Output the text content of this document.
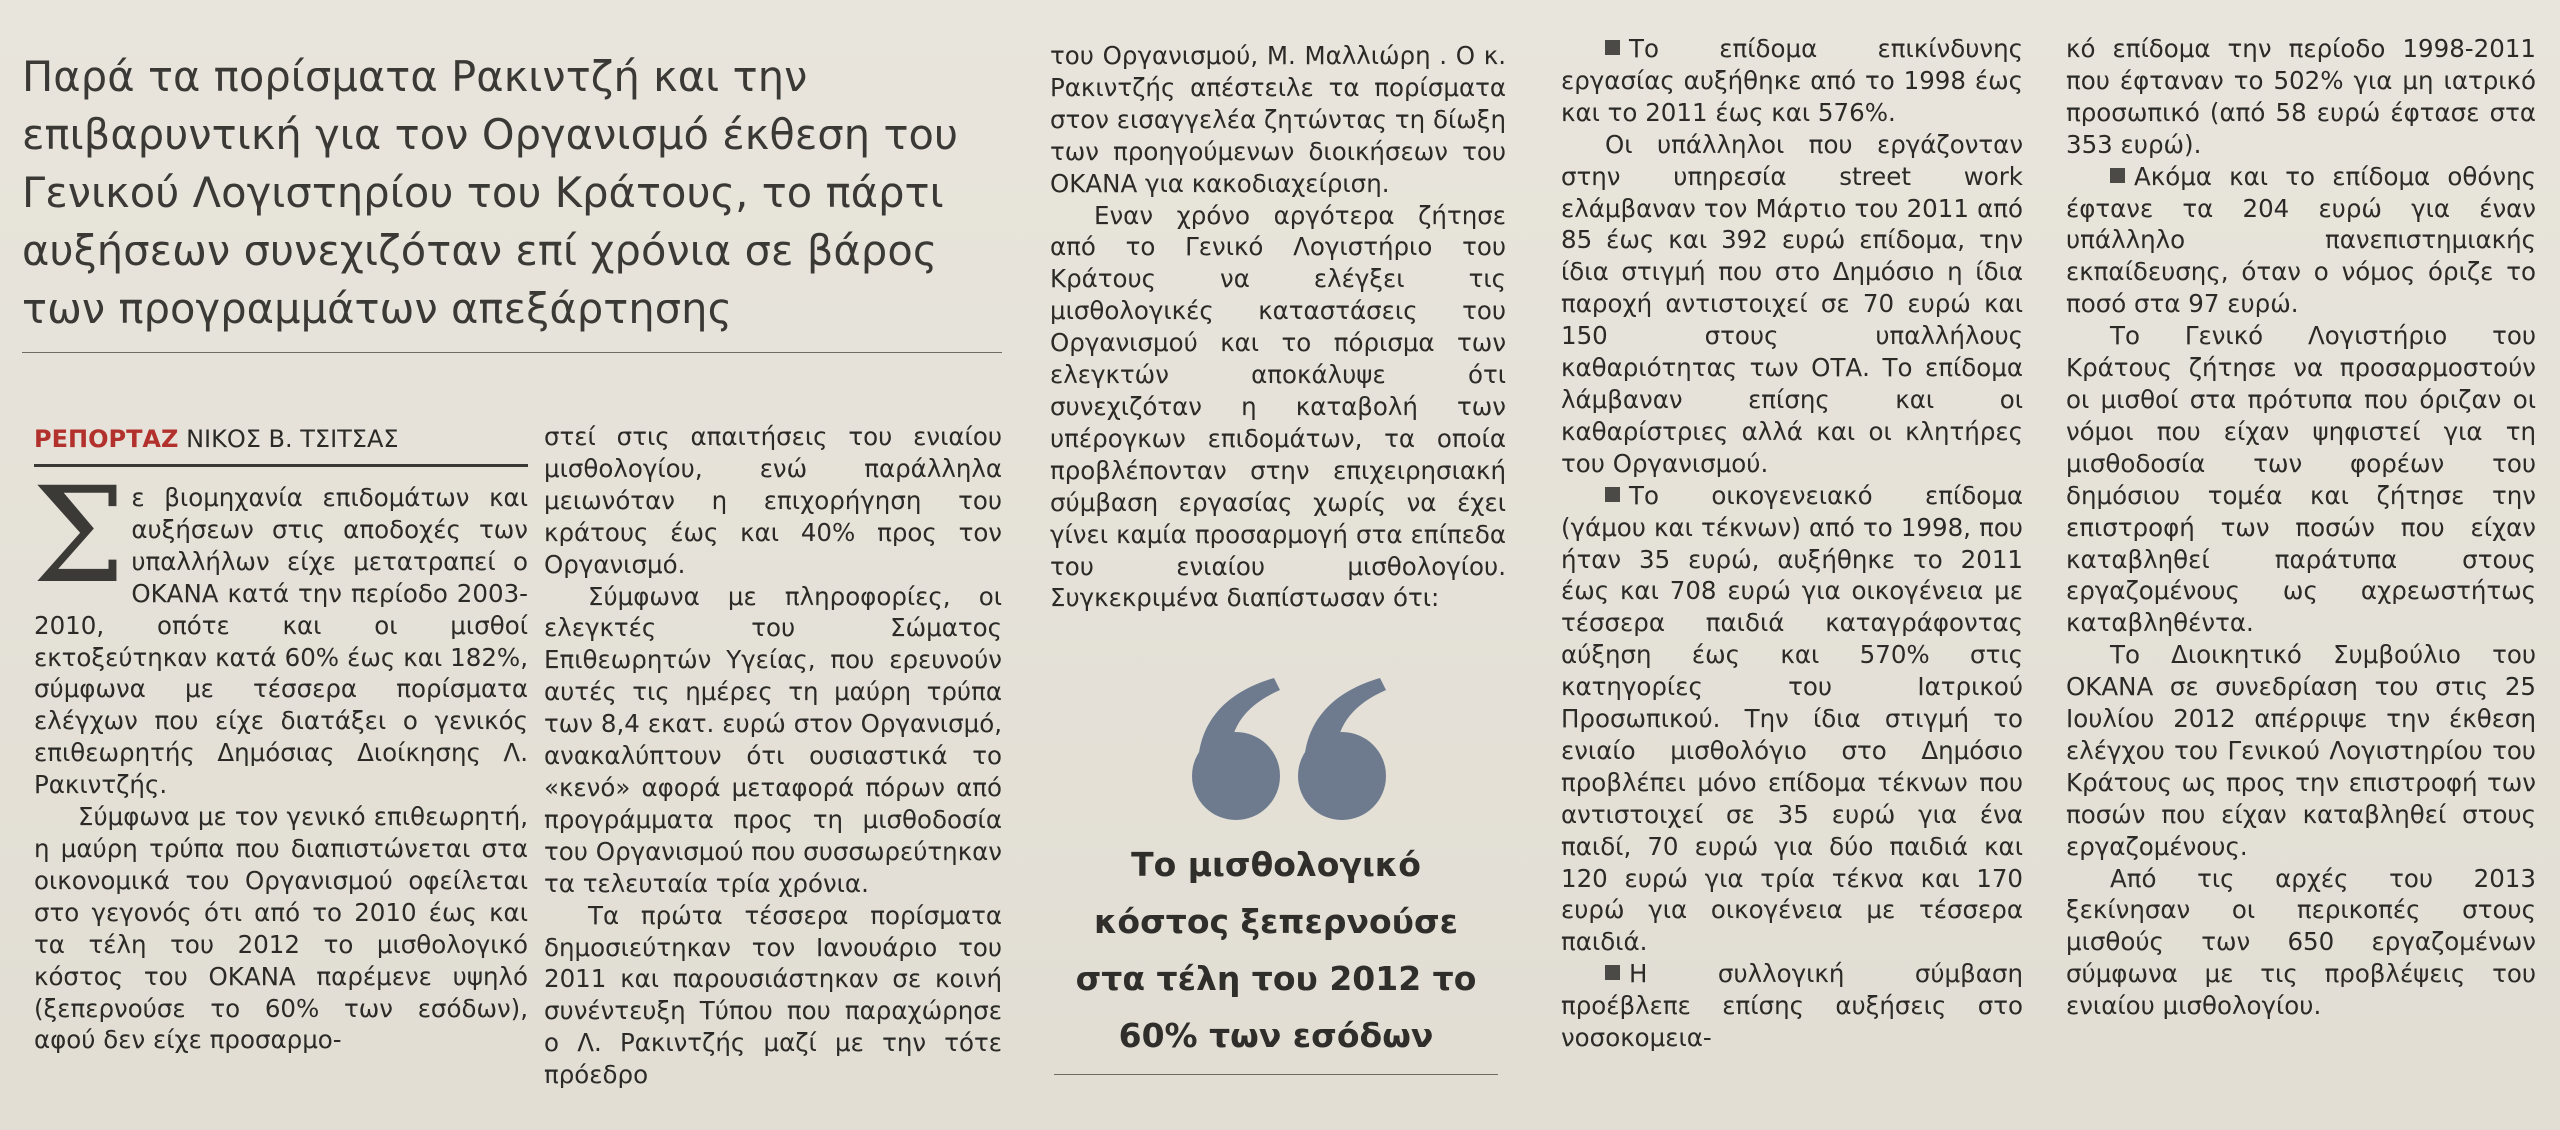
Παρά τα πορίσματα Ρακιντζή και την επιβαρυντική για τον Οργανισμό έκθεση του Γενικού Λογιστηρίου του Κράτους, το πάρτι αυξήσεων συνεχιζόταν επί χρόνια σε βάρος των προγραμμάτων απεξάρτησης
ΡΕΠΟΡΤΑΖ ΝΙΚΟΣ Β. ΤΣΙΤΣΑΣ
Σ ε βιομηχανία επιδομάτων και αυξήσεων στις αποδοχές των υπαλλήλων είχε μετατραπεί ο ΟΚΑΝΑ κατά την περίοδο 2003-2010, οπότε και οι μισθοί εκτοξεύτηκαν κατά 60% έως και 182%, σύμφωνα με τέσσερα πορίσματα ελέγχων που είχε διατάξει ο γενικός επιθεωρητής Δημόσιας Διοίκησης Λ. Ρακιντζής.

Σύμφωνα με τον γενικό επιθεωρητή, η μαύρη τρύπα που διαπιστώνεται στα οικονομικά του Οργανισμού οφείλεται στο γεγονός ότι από το 2010 έως και τα τέλη του 2012 το μισθολογικό κόστος του ΟΚΑΝΑ παρέμενε υψηλό (ξεπερνούσε το 60% των εσόδων), αφού δεν είχε προσαρμο-

στεί στις απαιτήσεις του ενιαίου μισθολογίου, ενώ παράλληλα μειωνόταν η επιχορήγηση του κράτους έως και 40% προς τον Οργανισμό.

Σύμφωνα με πληροφορίες, οι ελεγκτές του Σώματος Επιθεωρητών Υγείας, που ερευνούν αυτές τις ημέρες τη μαύρη τρύπα των 8,4 εκατ. ευρώ στον Οργανισμό, ανακαλύπτουν ότι ουσιαστικά το «κενό» αφορά μεταφορά πόρων από προγράμματα προς τη μισθοδοσία του Οργανισμού που συσσωρεύτηκαν τα τελευταία τρία χρόνια.

Τα πρώτα τέσσερα πορίσματα δημοσιεύτηκαν τον Ιανουάριο του 2011 και παρουσιάστηκαν σε κοινή συνέντευξη Τύπου που παραχώρησε ο Λ. Ρακιντζής μαζί με την τότε πρόεδρο

του Οργανισμού, Μ. Μαλλιώρη . Ο κ. Ρακιντζής απέστειλε τα πορίσματα στον εισαγγελέα ζητώντας τη δίωξη των προηγούμενων διοικήσεων του ΟΚΑΝΑ για κακοδιαχείριση.

Εναν χρόνο αργότερα ζήτησε από το Γενικό Λογιστήριο του Κράτους να ελέγξει τις μισθολογικές καταστάσεις του Οργανισμού και το πόρισμα των ελεγκτών αποκάλυψε ότι συνεχιζόταν η καταβολή των υπέρογκων επιδομάτων, τα οποία προβλέπονταν στην επιχειρησιακή σύμβαση εργασίας χωρίς να έχει γίνει καμία προσαρμογή στα επίπεδα του ενιαίου μισθολογίου. Συγκεκριμένα διαπίστωσαν ότι:

Το μισθολογικό
κόστος ξεπερνούσε
στα τέλη του 2012 το
60% των εσόδων

Το επίδομα επικίνδυνης εργασίας αυξήθηκε από το 1998 έως και το 2011 έως και 576%.

Οι υπάλληλοι που εργάζονταν στην υπηρεσία street work ελάμβαναν τον Μάρτιο του 2011 από 85 έως και 392 ευρώ επίδομα, την ίδια στιγμή που στο Δημόσιο η ίδια παροχή αντιστοιχεί σε 70 ευρώ και 150 στους υπαλλήλους καθαριότητας των ΟΤΑ. Το επίδομα λάμβαναν επίσης και οι καθαρίστριες αλλά και οι κλητήρες του Οργανισμού.

Το οικογενειακό επίδομα (γάμου και τέκνων) από το 1998, που ήταν 35 ευρώ, αυξήθηκε το 2011 έως και 708 ευρώ για οικογένεια με τέσσερα παιδιά καταγράφοντας αύξηση έως και 570% στις κατηγορίες του Ιατρικού Προσωπικού. Την ίδια στιγμή το ενιαίο μισθολόγιο στο Δημόσιο προβλέπει μόνο επίδομα τέκνων που αντιστοιχεί σε 35 ευρώ για ένα παιδί, 70 ευρώ για δύο παιδιά και 120 ευρώ για τρία τέκνα και 170 ευρώ για οικογένεια με τέσσερα παιδιά.

Η συλλογική σύμβαση προέβλεπε επίσης αυξήσεις στο νοσοκομεια-

κό επίδομα την περίοδο 1998-2011 που έφταναν το 502% για μη ιατρικό προσωπικό (από 58 ευρώ έφτασε στα 353 ευρώ).

Ακόμα και το επίδομα οθόνης έφτανε τα 204 ευρώ για έναν υπάλληλο πανεπιστημιακής εκπαίδευσης, όταν ο νόμος όριζε το ποσό στα 97 ευρώ.

Το Γενικό Λογιστήριο του Κράτους ζήτησε να προσαρμοστούν οι μισθοί στα πρότυπα που όριζαν οι νόμοι που είχαν ψηφιστεί για τη μισθοδοσία των φορέων του δημόσιου τομέα και ζήτησε την επιστροφή των ποσών που είχαν καταβληθεί παράτυπα στους εργαζομένους ως αχρεωστήτως καταβληθέντα.

Το Διοικητικό Συμβούλιο του ΟΚΑΝΑ σε συνεδρίαση του στις 25 Ιουλίου 2012 απέρριψε την έκθεση ελέγχου του Γενικού Λογιστηρίου του Κράτους ως προς την επιστροφή των ποσών που είχαν καταβληθεί στους εργαζομένους.

Από τις αρχές του 2013 ξεκίνησαν οι περικοπές στους μισθούς των 650 εργαζομένων σύμφωνα με τις προβλέψεις του ενιαίου μισθολογίου.
